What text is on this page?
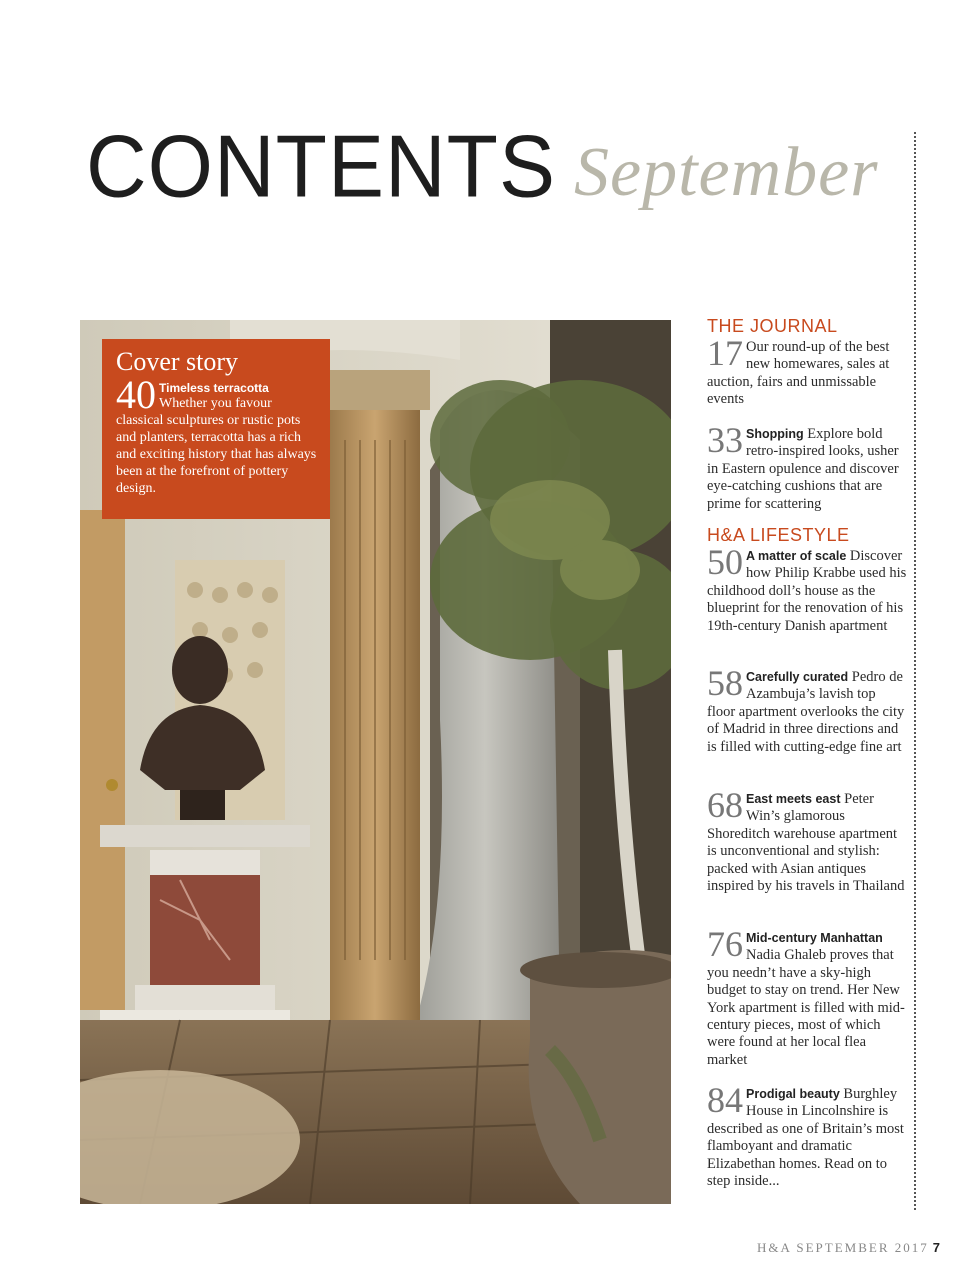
CONTENTS September
Cover story
40 Timeless terracotta
Whether you favour classical sculptures or rustic pots and planters, terracotta has a rich and exciting history that has always been at the forefront of pottery design.
THE JOURNAL
17 Our round-up of the best new homewares, sales at auction, fairs and unmissable events
33 Shopping Explore bold retro-inspired looks, usher in Eastern opulence and discover eye-catching cushions that are prime for scattering
H&A LIFESTYLE
50 A matter of scale Discover how Philip Krabbe used his childhood doll’s house as the blueprint for the renovation of his 19th-century Danish apartment
58 Carefully curated Pedro de Azambuja’s lavish top floor apartment overlooks the city of Madrid in three directions and is filled with cutting-edge fine art
68 East meets east Peter Win’s glamorous Shoreditch warehouse apartment is unconventional and stylish: packed with Asian antiques inspired by his travels in Thailand
76 Mid-century Manhattan Nadia Ghaleb proves that you needn’t have a sky-high budget to stay on trend. Her New York apartment is filled with mid-century pieces, most of which were found at her local flea market
84 Prodigal beauty Burghley House in Lincolnshire is described as one of Britain’s most flamboyant and dramatic Elizabethan homes. Read on to step inside...
H&A SEPTEMBER 2017 7
